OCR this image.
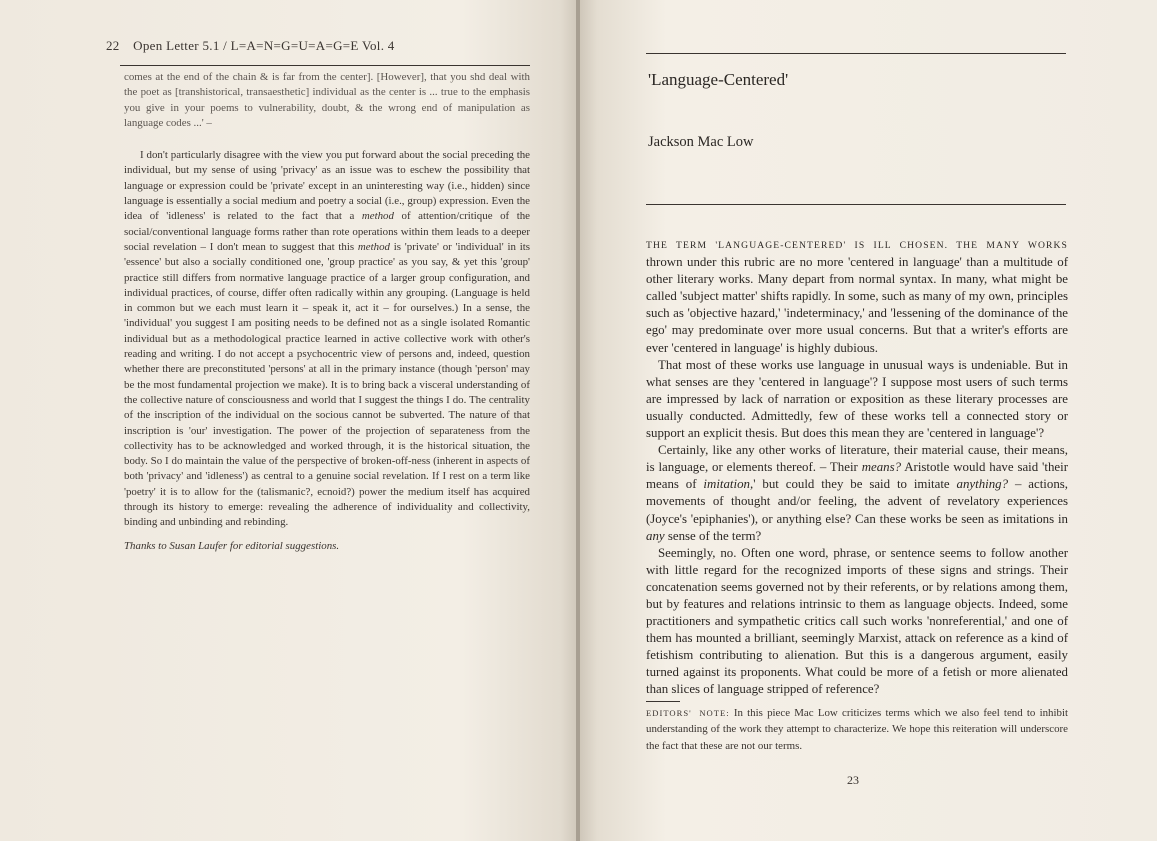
22 Open Letter 5.1 / L=A=N=G=U=A=G=E Vol. 4

comes at the end of the chain & is far from the center]. [However], that you shd deal with the poet as [transhistorical, transaesthetic] individual as the center is ... true to the emphasis you give in your poems to vulnerability, doubt, & the wrong end of manipulation as language codes ...' –

I don't particularly disagree with the view you put forward about the social preceding the individual, but my sense of using 'privacy' as an issue was to eschew the possibility that language or expression could be 'private' except in an uninteresting way (i.e., hidden) since language is essentially a social medium and poetry a social (i.e., group) expression. Even the idea of 'idleness' is related to the fact that a method of attention/critique of the social/conventional language forms rather than rote operations within them leads to a deeper social revelation – I don't mean to suggest that this method is 'private' or 'individual' in its 'essence' but also a socially conditioned one, 'group practice' as you say, & yet this 'group' practice still differs from normative language practice of a larger group configuration, and individual practices, of course, differ often radically within any grouping. (Language is held in common but we each must learn it – speak it, act it – for ourselves.) In a sense, the 'individual' you suggest I am positing needs to be defined not as a single isolated Romantic individual but as a methodological practice learned in active collective work with other's reading and writing. I do not accept a psychocentric view of persons and, indeed, question whether there are preconstituted 'persons' at all in the primary instance (though 'person' may be the most fundamental projection we make). It is to bring back a visceral understanding of the collective nature of consciousness and world that I suggest the things I do. The centrality of the inscription of the individual on the socious cannot be subverted. The nature of that inscription is 'our' investigation. The power of the projection of separateness from the collectivity has to be acknowledged and worked through, it is the historical situation, the body. So I do maintain the value of the perspective of broken-off-ness (inherent in aspects of both 'privacy' and 'idleness') as central to a genuine social revelation. If I rest on a term like 'poetry' it is to allow for the (talismanic?, ecnoid?) power the medium itself has acquired through its history to emerge: revealing the adherence of individuality and collectivity, binding and unbinding and rebinding.

Thanks to Susan Laufer for editorial suggestions.

'Language-Centered'
Jackson Mac Low

THE TERM 'LANGUAGE-CENTERED' IS ILL CHOSEN. THE MANY WORKS thrown under this rubric are no more 'centered in language' than a multitude of other literary works. Many depart from normal syntax. In many, what might be called 'subject matter' shifts rapidly. In some, such as many of my own, principles such as 'objective hazard,' 'indeterminacy,' and 'lessening of the dominance of the ego' may predominate over more usual concerns. But that a writer's efforts are ever 'centered in language' is highly dubious.

That most of these works use language in unusual ways is undeniable. But in what senses are they 'centered in language'? I suppose most users of such terms are impressed by lack of narration or exposition as these literary processes are usually conducted. Admittedly, few of these works tell a connected story or support an explicit thesis. But does this mean they are 'centered in language'?

Certainly, like any other works of literature, their material cause, their means, is language, or elements thereof. – Their means? Aristotle would have said 'their means of imitation,' but could they be said to imitate anything? – actions, movements of thought and/or feeling, the advent of revelatory experiences (Joyce's 'epiphanies'), or anything else? Can these works be seen as imitations in any sense of the term?

Seemingly, no. Often one word, phrase, or sentence seems to follow another with little regard for the recognized imports of these signs and strings. Their concatenation seems governed not by their referents, or by relations among them, but by features and relations intrinsic to them as language objects. Indeed, some practitioners and sympathetic critics call such works 'nonreferential,' and one of them has mounted a brilliant, seemingly Marxist, attack on reference as a kind of fetishism contributing to alienation. But this is a dangerous argument, easily turned against its proponents. What could be more of a fetish or more alienated than slices of language stripped of reference?

EDITORS' NOTE: In this piece Mac Low criticizes terms which we also feel tend to inhibit understanding of the work they attempt to characterize. We hope this reiteration will underscore the fact that these are not our terms.

23
